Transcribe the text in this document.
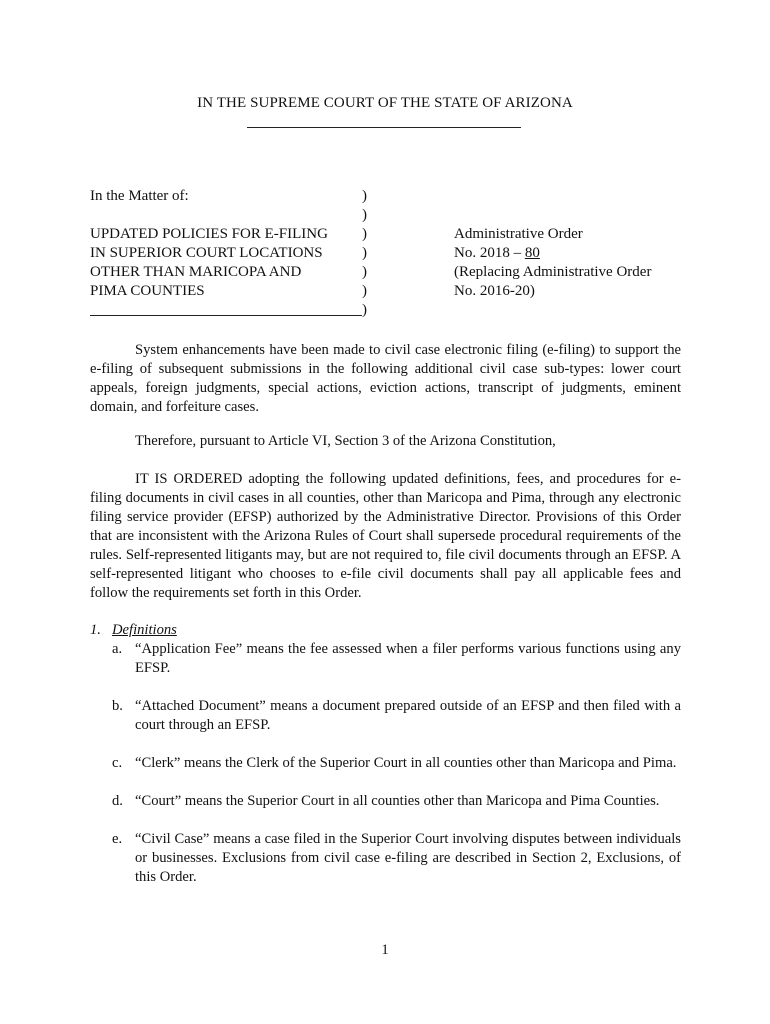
IN THE SUPREME COURT OF THE STATE OF ARIZONA
In the Matter of:
UPDATED POLICIES FOR E-FILING
IN SUPERIOR COURT LOCATIONS
OTHER THAN MARICOPA AND
PIMA COUNTIES
)
)
)
)
)
)
)
Administrative Order
No. 2018 – 80
(Replacing Administrative Order
No. 2016-20)

System enhancements have been made to civil case electronic filing (e-filing) to support the e-filing of subsequent submissions in the following additional civil case sub-types: lower court appeals, foreign judgments, special actions, eviction actions, transcript of judgments, eminent domain, and forfeiture cases.

Therefore, pursuant to Article VI, Section 3 of the Arizona Constitution,

IT IS ORDERED adopting the following updated definitions, fees, and procedures for e-filing documents in civil cases in all counties, other than Maricopa and Pima, through any electronic filing service provider (EFSP) authorized by the Administrative Director. Provisions of this Order that are inconsistent with the Arizona Rules of Court shall supersede procedural requirements of the rules. Self-represented litigants may, but are not required to, file civil documents through an EFSP. A self-represented litigant who chooses to e-file civil documents shall pay all applicable fees and follow the requirements set forth in this Order.

1. Definitions
a. “Application Fee” means the fee assessed when a filer performs various functions using any EFSP.
b. “Attached Document” means a document prepared outside of an EFSP and then filed with a court through an EFSP.
c. “Clerk” means the Clerk of the Superior Court in all counties other than Maricopa and Pima.
d. “Court” means the Superior Court in all counties other than Maricopa and Pima Counties.
e. “Civil Case” means a case filed in the Superior Court involving disputes between individuals or businesses. Exclusions from civil case e-filing are described in Section 2, Exclusions, of this Order.
1
